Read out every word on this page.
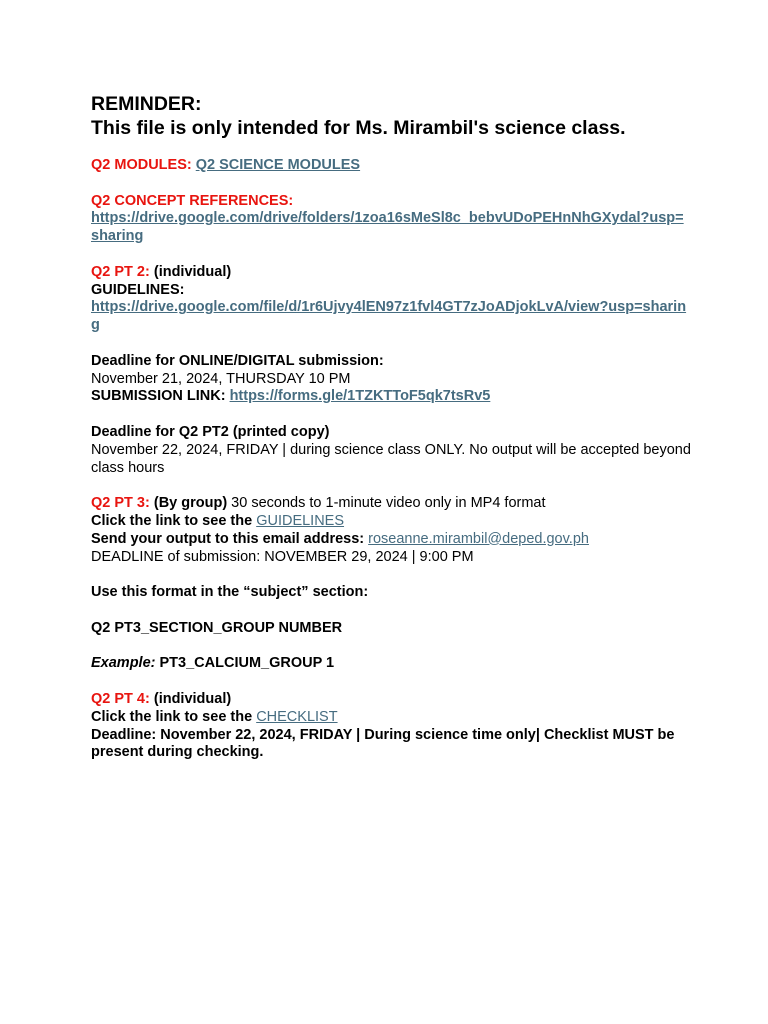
REMINDER:
This file is only intended for Ms. Mirambil's science class.

Q2 MODULES: Q2 SCIENCE MODULES

Q2 CONCEPT REFERENCES:

https://drive.google.com/drive/folders/1zoa16sMeSl8c_bebvUDoPEHnNhGXydal?usp=sharing

Q2 PT 2: (individual)

GUIDELINES:

https://drive.google.com/file/d/1r6Ujvy4lEN97z1fvl4GT7zJoADjokLvA/view?usp=sharing

Deadline for ONLINE/DIGITAL submission:

November 21, 2024, THURSDAY 10 PM

SUBMISSION LINK: https://forms.gle/1TZKTToF5qk7tsRv5

Deadline for Q2 PT2 (printed copy)

November 22, 2024, FRIDAY | during science class ONLY. No output will be accepted beyond class hours

Q2 PT 3: (By group) 30 seconds to 1-minute video only in MP4 format

Click the link to see the GUIDELINES

Send your output to this email address: roseanne.mirambil@deped.gov.ph

DEADLINE of submission: NOVEMBER 29, 2024 | 9:00 PM

Use this format in the “subject” section:

Q2 PT3_SECTION_GROUP NUMBER

Example: PT3_CALCIUM_GROUP 1

Q2 PT 4: (individual)

Click the link to see the CHECKLIST

Deadline: November 22, 2024, FRIDAY | During science time only| Checklist MUST be present during checking.
